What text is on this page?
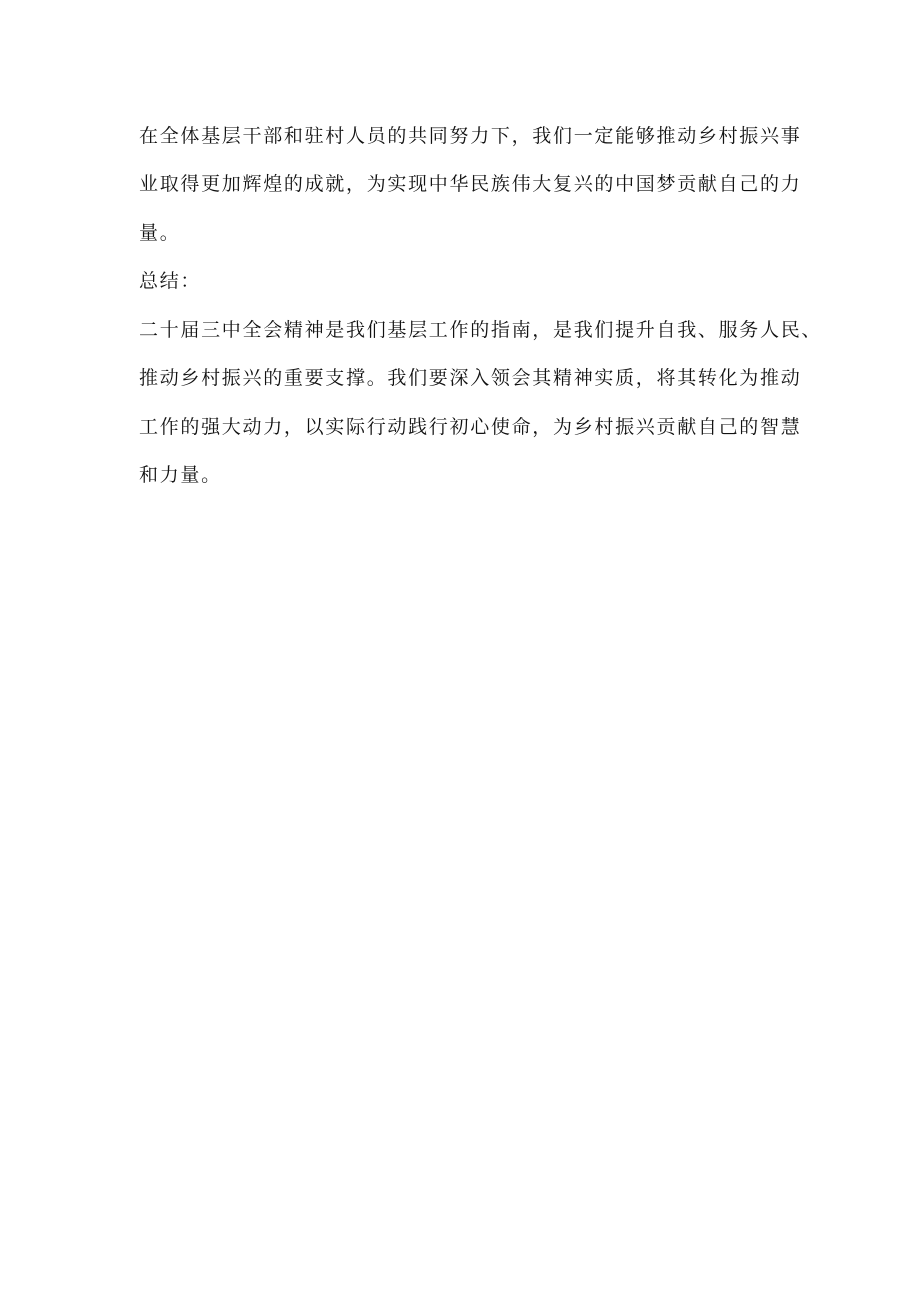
在全体基层干部和驻村人员的共同努力下，我们一定能够推动乡村振兴事
业取得更加辉煌的成就，为实现中华民族伟大复兴的中国梦贡献自己的力
量。
总结：
二十届三中全会精神是我们基层工作的指南，是我们提升自我、服务人民、
推动乡村振兴的重要支撑。我们要深入领会其精神实质，将其转化为推动
工作的强大动力，以实际行动践行初心使命，为乡村振兴贡献自己的智慧
和力量。
